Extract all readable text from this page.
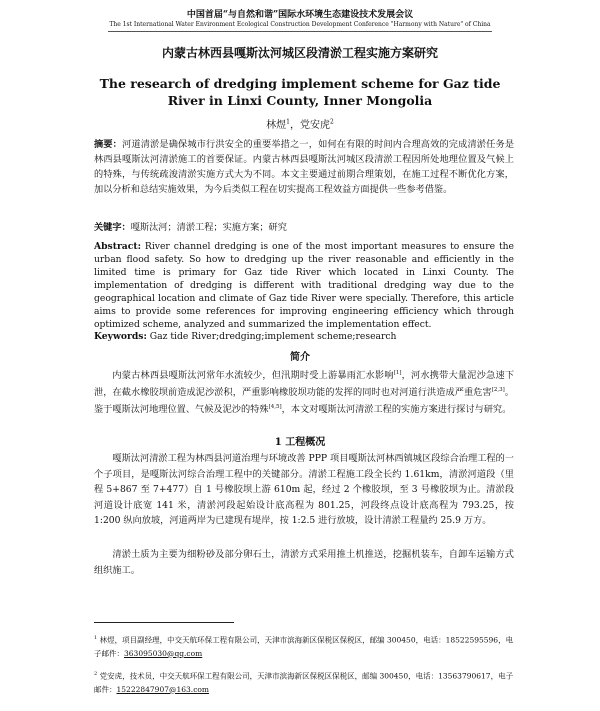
中国首届“与自然和谐”国际水环境生态建设技术发展会议
The 1st International Water Environment Ecological Construction Development Conference "Harmony with Nature" of China
内蒙古林西县嘎斯汰河城区段清淤工程实施方案研究
The research of dredging implement scheme for Gaz tide River in Linxi County, Inner Mongolia
林煜$^1$，党安虎$^2$
摘要：河道清淤是确保城市行洪安全的重要举措之一，如何在有限的时间内合理高效的完成清淤任务是林西县嘎斯汰河清淤施工的首要保证。内蒙古林西县嘎斯汰河城区段清淤工程因所处地理位置及气候上的特殊，与传统疏浚清淤实施方式大为不同。本文主要通过前期合理策划，在施工过程不断优化方案，加以分析和总结实施效果，为今后类似工程在切实提高工程效益方面提供一些参考借鉴。
关键字：嘎斯汰河；清淤工程；实施方案；研究
Abstract: River channel dredging is one of the most important measures to ensure the urban flood safety. So how to dredging up the river reasonable and efficiently in the limited time is primary for Gaz tide River which located in Linxi County. The implementation of dredging is different with traditional dredging way due to the geographical location and climate of Gaz tide River were specially. Therefore, this article aims to provide some references for improving engineering efficiency which through optimized scheme, analyzed and summarized the implementation effect.
Keywords: Gaz tide River;dredging;implement scheme;research
简介

内蒙古林西县嘎斯汰河常年水流较少，但汛期时受上游暴雨汇水影响[1]，河水携带大量泥沙急速下泄，在截水橡胶坝前造成泥沙淤积，严重影响橡胶坝功能的发挥的同时也对河道行洪造成严重危害[2,3]。鉴于嘎斯汰河地理位置、气候及泥沙的特殊[4,5]，本文对嘎斯汰河清淤工程的实施方案进行探讨与研究。

1 工程概况

嘎斯汰河清淤工程为林西县河道治理与环境改善 PPP 项目嘎斯汰河林西镇城区段综合治理工程的一个子项目，是嘎斯汰河综合治理工程中的关键部分。清淤工程施工段全长约 1.61km，清淤河道段（里程 5+867 至 7+477）自 1 号橡胶坝上游 610m 起，经过 2 个橡胶坝，至 3 号橡胶坝为止。清淤段河道设计底宽 141 米，清淤河段起始设计底高程为 801.25，河段终点设计底高程为 793.25，按 1:200 纵向放坡，河道两岸为已建现有堤岸，按 1:2.5 进行放坡，设计清淤工程量约 25.9 万方。

清淤土质为主要为细粉砂及部分卵石土，清淤方式采用推土机推送，挖掘机装车，自卸车运输方式组织施工。

$^1$ 林煜，项目副经理，中交天航环保工程有限公司，天津市滨海新区保税区保税区，邮编 300450，电话：18522595596，电子邮件：363095030@qq.com
$^2$ 党安虎，技术员，中交天航环保工程有限公司，天津市滨海新区保税区保税区，邮编 300450，电话：13563790617，电子邮件：15222847907@163.com
